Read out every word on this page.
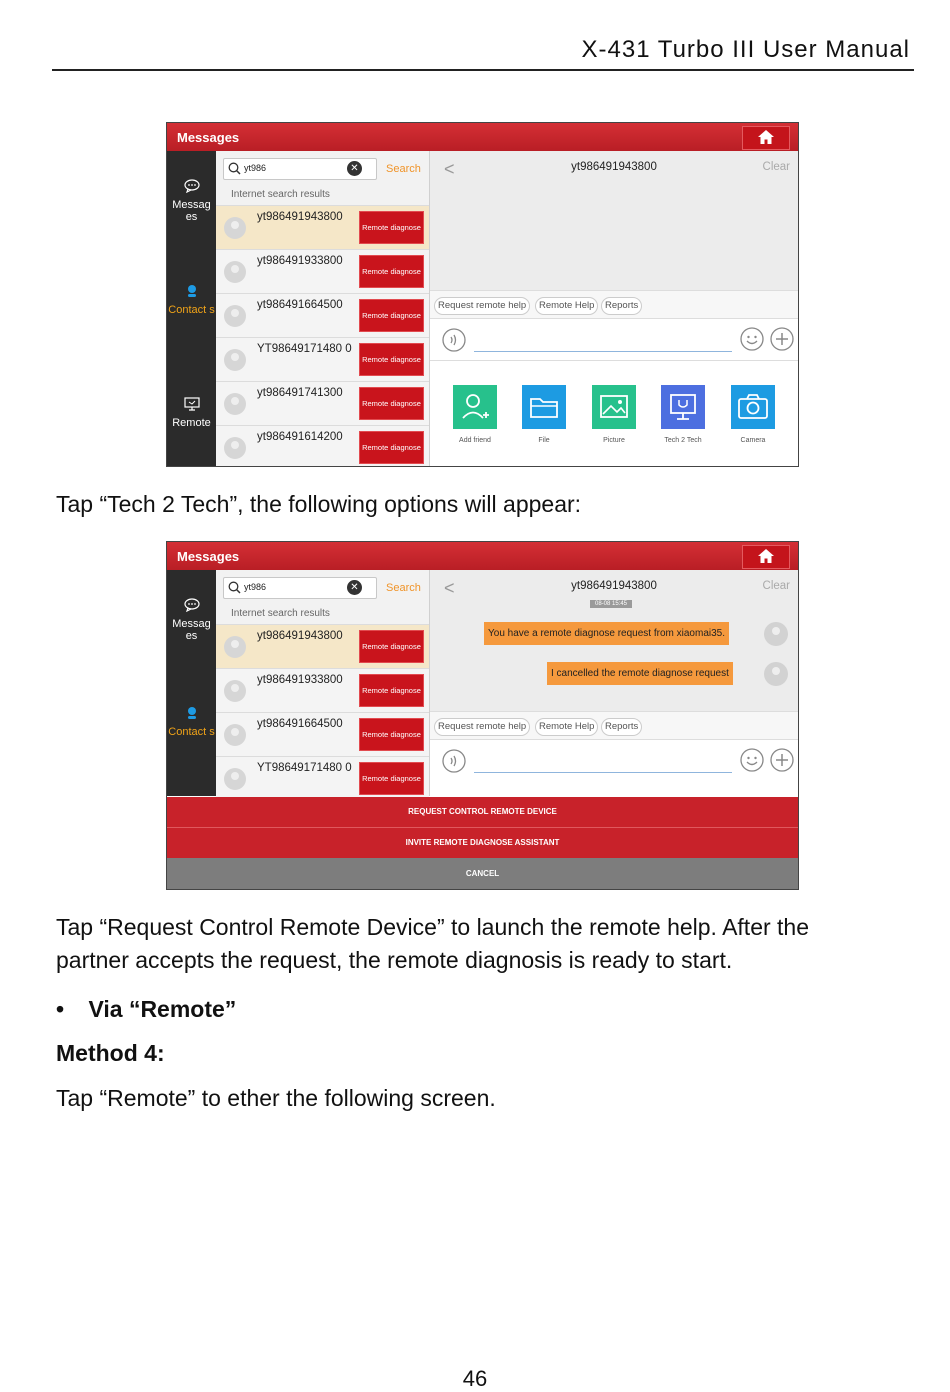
X-431 Turbo III User Manual
Messages
Messag es
Contact s
Remote
yt986	✕	Search
Internet search results
yt986491943800
Remote diagnose
yt986491933800
Remote diagnose
yt986491664500
Remote diagnose
YT98649171480 0
Remote diagnose
yt986491741300
Remote diagnose
yt986491614200
Remote diagnose
<	yt986491943800	Clear
Request remote help	Remote Help	Reports
Add friend	File	Picture	Tech 2 Tech	Camera
Tap “Tech 2 Tech”, the following options will appear:
Messages
Messag es
Contact s
yt986	✕	Search
Internet search results
yt986491943800
Remote diagnose
yt986491933800
Remote diagnose
yt986491664500
Remote diagnose
YT98649171480 0
Remote diagnose
<	yt986491943800	Clear
08-08 15:45
You have a remote diagnose request from xiaomai35.
I cancelled the remote diagnose request
Request remote help	Remote Help	Reports
REQUEST CONTROL REMOTE DEVICE
INVITE REMOTE DIAGNOSE ASSISTANT
CANCEL
Tap “Request Control Remote Device” to launch the remote help. After the partner accepts the request, the remote diagnosis is ready to start.
• Via “Remote”
Method 4:
Tap “Remote” to ether the following screen.
46
